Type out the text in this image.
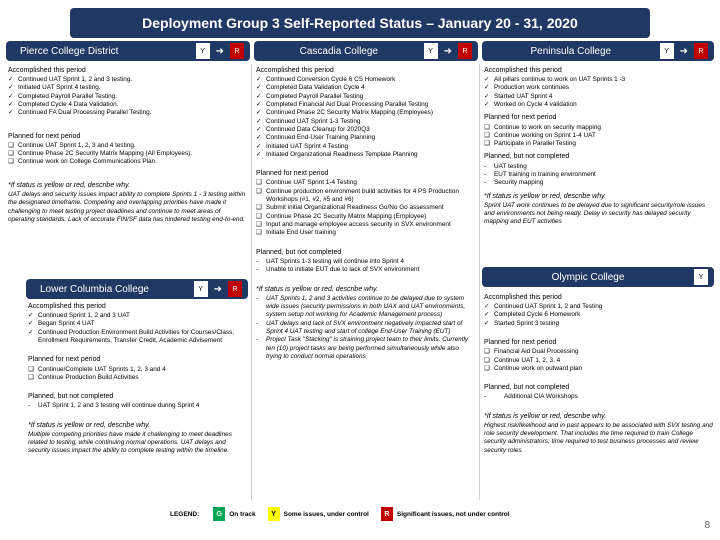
Deployment Group 3 Self-Reported Status – January 20 - 31, 2020
Pierce College District	Y	➜	R	Cascadia College	Y	➜	R	Peninsula College	Y	➜	R
Lower Columbia College	Y	➜	R
Olympic College	Y
Accomplished this period
✓ Continued UAT Sprint 1, 2 and 3 testing.
✓ Initiated UAT Sprint 4 testing.
✓ Completed Payroll Parallel Testing.
✓ Completed Cycle 4 Data Validation.
✓ Continued FA Dual Processing Parallel Testing.
Planned for next period
❑ Continue UAT Sprint 1, 2, 3 and 4 testing.
❑ Continue Phase 2C Security Matrix Mapping (All Employees).
❑ Continue work on College Communications Plan.
*If status is yellow or red, describe why.
UAT delays and security issues impact ability to complete Sprints 1 - 3 testing within the designated timeframe. Competing and overlapping priorities have made it challenging to meet testing project deadlines and continue to meet areas of operating standards. Lack of accurate FIN/SF data has hindered testing end-to-end.
Accomplished this period
✓ Continued Sprint 1, 2 and 3 UAT
✓ Began Sprint 4 UAT
✓ Continued Production Environment Build Activities for Courses/Class, Enrollment Requirements, Transfer Credit, Academic Advisement
Planned for next period
❑ Continue/Complete UAT Sprints 1, 2, 3 and 4
❑ Continue Production Build Activities
Planned, but not completed
-	UAT Sprint 1, 2 and 3 testing will continue during Sprint 4
*If status is yellow or red, describe why.
Multiple competing priorities have made it challenging to meet deadlines related to testing, while continuing normal operations. UAT delays and security issues impact the ability to complete testing within the timeline.
Accomplished this period
✓ Continued Conversion Cycle 6 CS Homework
✓ Completed Data Validation Cycle 4
✓ Completed Payroll Parallel Testing
✓ Completed Financial Aid Dual Processing Parallel Testing
✓ Continued Phase 2C Security Matrix Mapping (Employees)
✓ Continued UAT Sprint 1-3 Testing
✓ Continued Data Cleanup for 2020Q3
✓ Continued End-User Training Planning
✓ Initiated UAT Sprint 4 Testing
✓ Initiated Organizational Readiness Template Planning
Planned for next period
❑ Continue UAT Sprint 1-4 Testing
❑ Continue production environment build activities for 4 PS Production Workshops (#1, #2, #5 and #6)
❑ Submit initial Organizational Readiness Go/No Go assessment
❑ Continue Phase 2C Security Matrix Mapping (Employee)
❑ Input and manage employee access security in SVX environment
❑ Initiate End User training
Planned, but not completed
-	UAT Sprints 1-3 testing will continue into Sprint 4
-	Unable to initiate EUT due to lack of SVX environment
*If status is yellow or red, describe why.
-	UAT Sprints 1, 2 and 3 activities continue to be delayed due to system wide issues (security permissions in both UAX and UAT environments, system setup not working for Academic Management process)
-	UAT delays and lack of SVX environment negatively impacted start of Sprint 4 UAT testing and start of college End-User Training (EUT)
-	Project Task "Stacking" is straining project team to their limits. Currently ten (10) project tasks are being performed simultaneously while also trying to conduct normal operations
Accomplished this period
✓ All pillars continue to work on UAT Sprints 1 -3
✓ Production work continues
✓ Started UAT Sprint 4
✓ Worked on Cycle 4 validation
Planned for next period
❑ Continue to work on security mapping
❑ Continue working on Sprint 1-4 UAT
❑ Participate in Parallel Testing
Planned, but not completed
-	UAT testing
-	EUT training in training environment
-	Security mapping
*If status is yellow or red, describe why.
Sprint UAT work continues to be delayed due to significant security/role issues and environments not being ready. Delay in security has delayed security mapping and EUT activities
Accomplished this period
✓ Continued UAT Sprint 1, 2 and Testing
✓ Completed Cycle 6 Homework
✓ Started Sprint 3 testing
Planned for next period
❑ Financial Aid Dual Processing
❑ Continue UAT 1, 2, 3, 4
❑ Continue work on outward plan
Planned, but not completed
-	Additional CIA Workshops
*If status is yellow or red, describe why.
Highest risk/likelihood and in past appears to be associated with SVX testing and role security development. That includes the time required to train College security administrators; time required to test business processes and review security roles
LEGEND:	G	On track	Y	Some issues, under control	R	Significant issues, not under control
8
